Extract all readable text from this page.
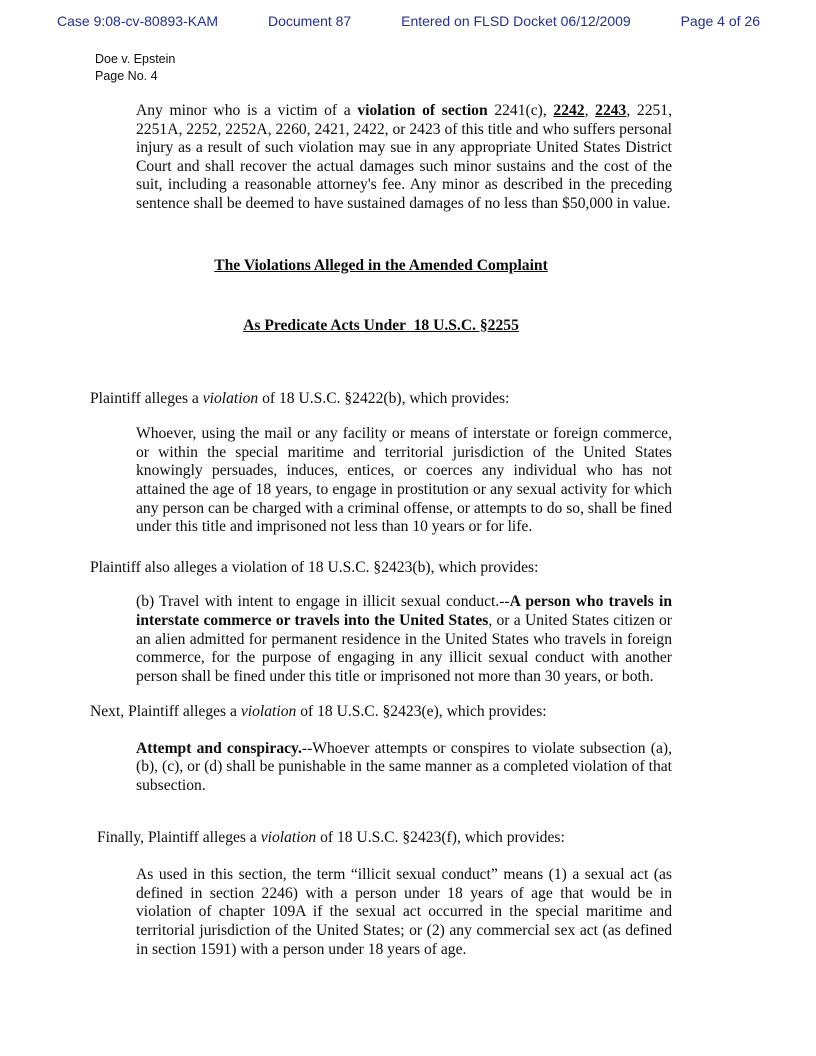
Case 9:08-cv-80893-KAM	Document 87	Entered on FLSD Docket 06/12/2009	Page 4 of 26
Doe v. Epstein
Page No. 4

Any minor who is a victim of a violation of section 2241(c), 2242, 2243, 2251, 2251A, 2252, 2252A, 2260, 2421, 2422, or 2423 of this title and who suffers personal injury as a result of such violation may sue in any appropriate United States District Court and shall recover the actual damages such minor sustains and the cost of the suit, including a reasonable attorney's fee. Any minor as described in the preceding sentence shall be deemed to have sustained damages of no less than $50,000 in value.

The Violations Alleged in the Amended Complaint

As Predicate Acts Under  18 U.S.C. §2255

Plaintiff alleges a violation of 18 U.S.C. §2422(b), which provides:

Whoever, using the mail or any facility or means of interstate or foreign commerce, or within the special maritime and territorial jurisdiction of the United States knowingly persuades, induces, entices, or coerces any individual who has not attained the age of 18 years, to engage in prostitution or any sexual activity for which any person can be charged with a criminal offense, or attempts to do so, shall be fined under this title and imprisoned not less than 10 years or for life.

Plaintiff also alleges a violation of 18 U.S.C. §2423(b), which provides:

(b) Travel with intent to engage in illicit sexual conduct.--A person who travels in interstate commerce or travels into the United States, or a United States citizen or an alien admitted for permanent residence in the United States who travels in foreign commerce, for the purpose of engaging in any illicit sexual conduct with another person shall be fined under this title or imprisoned not more than 30 years, or both.

Next, Plaintiff alleges a violation of 18 U.S.C. §2423(e), which provides:

Attempt and conspiracy.--Whoever attempts or conspires to violate subsection (a), (b), (c), or (d) shall be punishable in the same manner as a completed violation of that subsection.

Finally, Plaintiff alleges a violation of 18 U.S.C. §2423(f), which provides:

As used in this section, the term “illicit sexual conduct” means (1) a sexual act (as defined in section 2246) with a person under 18 years of age that would be in violation of chapter 109A if the sexual act occurred in the special maritime and territorial jurisdiction of the United States; or (2) any commercial sex act (as defined in section 1591) with a person under 18 years of age.
